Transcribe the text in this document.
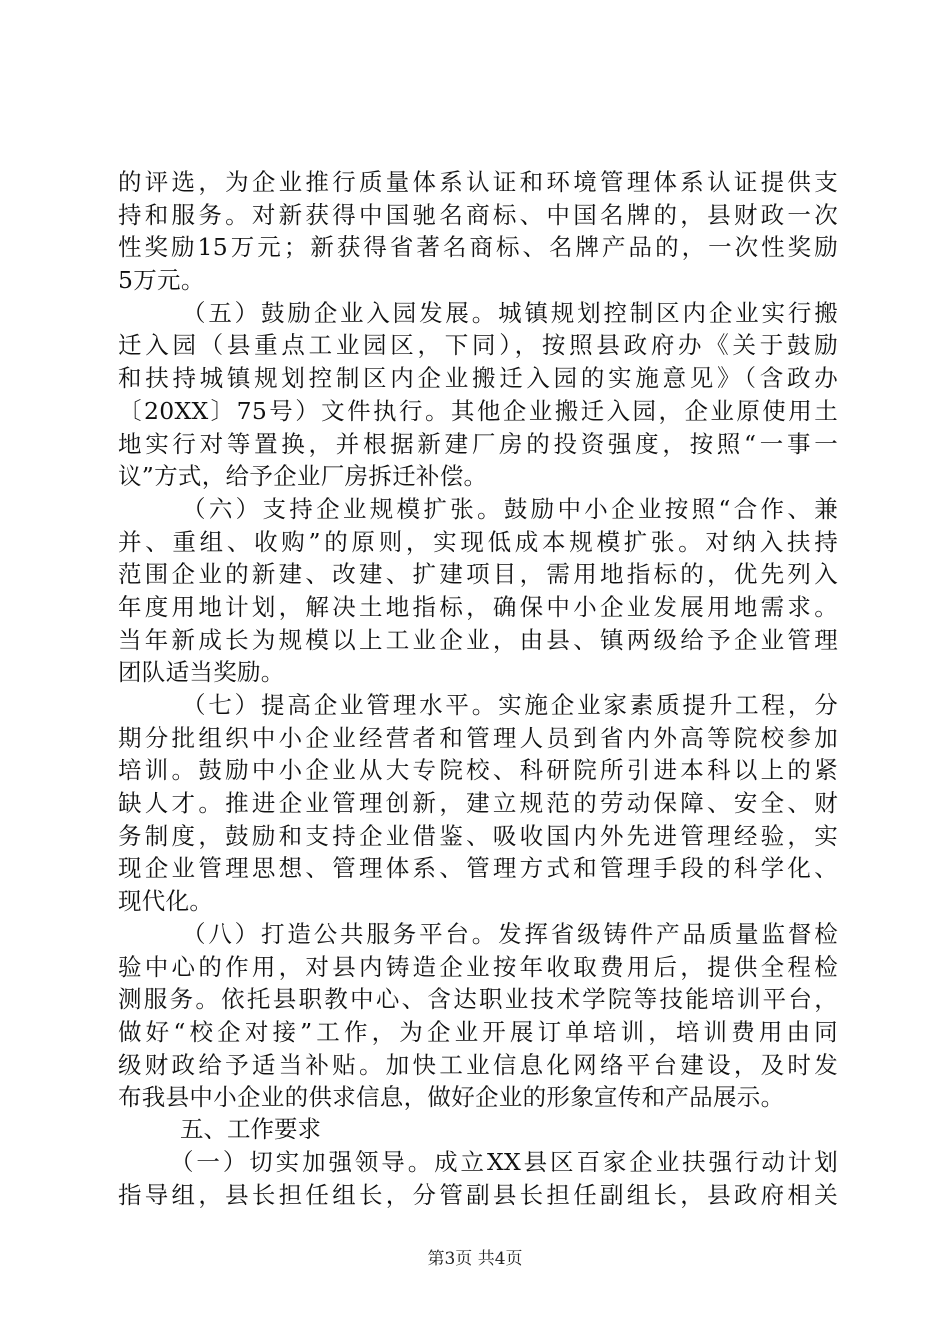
的评选，为企业推行质量体系认证和环境管理体系认证提供支
持和服务。对新获得中国驰名商标、中国名牌的，县财政一次
性奖励15万元；新获得省著名商标、名牌产品的，一次性奖励
5万元。
（五）鼓励企业入园发展。城镇规划控制区内企业实行搬
迁入园（县重点工业园区，下同），按照县政府办《关于鼓励
和扶持城镇规划控制区内企业搬迁入园的实施意见》（含政办
〔20XX〕75号）文件执行。其他企业搬迁入园，企业原使用土
地实行对等置换，并根据新建厂房的投资强度，按照“一事一
议”方式，给予企业厂房拆迁补偿。
（六）支持企业规模扩张。鼓励中小企业按照“合作、兼
并、重组、收购”的原则，实现低成本规模扩张。对纳入扶持
范围企业的新建、改建、扩建项目，需用地指标的，优先列入
年度用地计划，解决土地指标，确保中小企业发展用地需求。
当年新成长为规模以上工业企业，由县、镇两级给予企业管理
团队适当奖励。
（七）提高企业管理水平。实施企业家素质提升工程，分
期分批组织中小企业经营者和管理人员到省内外高等院校参加
培训。鼓励中小企业从大专院校、科研院所引进本科以上的紧
缺人才。推进企业管理创新，建立规范的劳动保障、安全、财
务制度，鼓励和支持企业借鉴、吸收国内外先进管理经验，实
现企业管理思想、管理体系、管理方式和管理手段的科学化、
现代化。
（八）打造公共服务平台。发挥省级铸件产品质量监督检
验中心的作用，对县内铸造企业按年收取费用后，提供全程检
测服务。依托县职教中心、含达职业技术学院等技能培训平台，
做好“校企对接”工作，为企业开展订单培训，培训费用由同
级财政给予适当补贴。加快工业信息化网络平台建设，及时发
布我县中小企业的供求信息，做好企业的形象宣传和产品展示。
五、工作要求
（一）切实加强领导。成立XX县区百家企业扶强行动计划
指导组，县长担任组长，分管副县长担任副组长，县政府相关
第3页 共4页
